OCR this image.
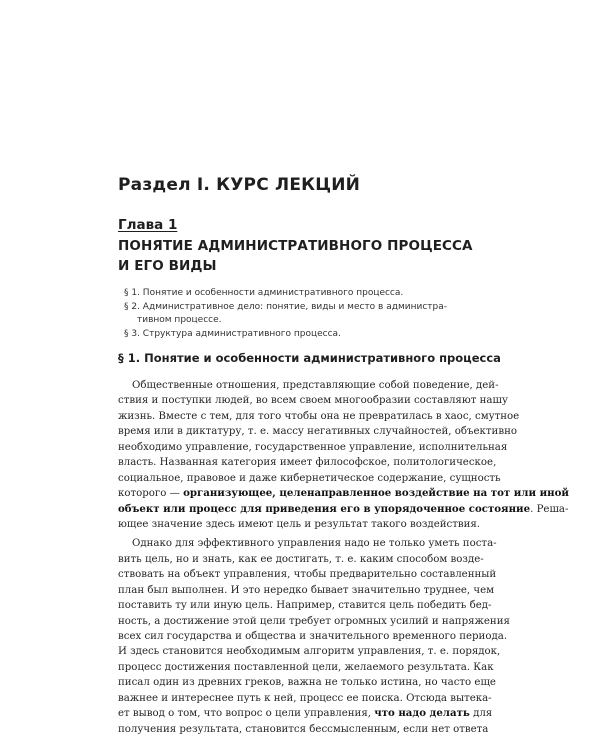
Раздел I. КУРС ЛЕКЦИЙ
Глава 1
ПОНЯТИЕ АДМИНИСТРАТИВНОГО ПРОЦЕССА
И ЕГО ВИДЫ
§ 1. Понятие и особенности административного процесса.
§ 2. Административное дело: понятие, виды и место в администра-
тивном процессе.
§ 3. Структура административного процесса.
§ 1. Понятие и особенности административного процесса
Общественные отношения, представляющие собой поведение, дей-
ствия и поступки людей, во всем своем многообразии составляют нашу
жизнь. Вместе с тем, для того чтобы она не превратилась в хаос, смутное
время или в диктатуру, т. е. массу негативных случайностей, объективно
необходимо управление, государственное управление, исполнительная
власть. Названная категория имеет философское, политологическое,
социальное, правовое и даже кибернетическое содержание, сущность
которого — организующее, целенаправленное воздействие на тот или иной
объект или процесс для приведения его в упорядоченное состояние. Реша-
ющее значение здесь имеют цель и результат такого воздействия.
Однако для эффективного управления надо не только уметь поста-
вить цель, но и знать, как ее достигать, т. е. каким способом возде-
ствовать на объект управления, чтобы предварительно составленный
план был выполнен. И это нередко бывает значительно труднее, чем
поставить ту или иную цель. Например, ставится цель победить бед-
ность, а достижение этой цели требует огромных усилий и напряжения
всех сил государства и общества и значительного временного периода.
И здесь становится необходимым алгоритм управления, т. е. порядок,
процесс достижения поставленной цели, желаемого результата. Как
писал один из древних греков, важна не только истина, но часто еще
важнее и интереснее путь к ней, процесс ее поиска. Отсюда вытека-
ет вывод о том, что вопрос о цели управления, что надо делать для
получения результата, становится бессмысленным, если нет ответа
